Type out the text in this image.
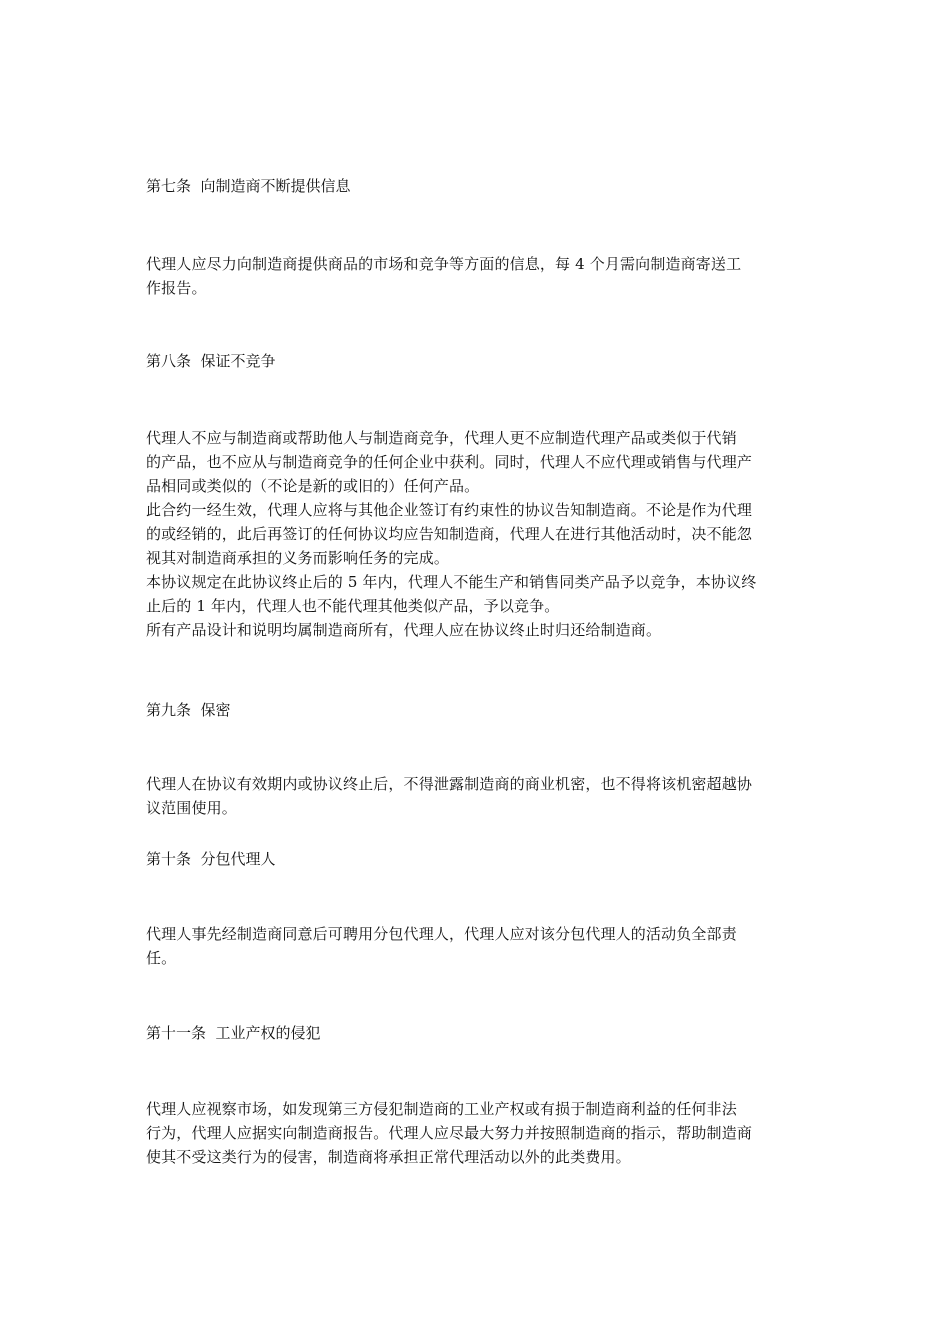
第七条  向制造商不断提供信息
代理人应尽力向制造商提供商品的市场和竞争等方面的信息，每 4 个月需向制造商寄送工
作报告。
第八条  保证不竞争
代理人不应与制造商或帮助他人与制造商竞争，代理人更不应制造代理产品或类似于代销
的产品，也不应从与制造商竞争的任何企业中获利。同时，代理人不应代理或销售与代理产
品相同或类似的（不论是新的或旧的）任何产品。
此合约一经生效，代理人应将与其他企业签订有约束性的协议告知制造商。不论是作为代理
的或经销的，此后再签订的任何协议均应告知制造商，代理人在进行其他活动时，决不能忽
视其对制造商承担的义务而影响任务的完成。
本协议规定在此协议终止后的 5 年内，代理人不能生产和销售同类产品予以竞争，本协议终
止后的 1 年内，代理人也不能代理其他类似产品，予以竞争。
所有产品设计和说明均属制造商所有，代理人应在协议终止时归还给制造商。
第九条  保密
代理人在协议有效期内或协议终止后，不得泄露制造商的商业机密，也不得将该机密超越协
议范围使用。
第十条  分包代理人
代理人事先经制造商同意后可聘用分包代理人，代理人应对该分包代理人的活动负全部责
任。
第十一条  工业产权的侵犯
代理人应视察市场，如发现第三方侵犯制造商的工业产权或有损于制造商利益的任何非法
行为，代理人应据实向制造商报告。代理人应尽最大努力并按照制造商的指示，帮助制造商
使其不受这类行为的侵害，制造商将承担正常代理活动以外的此类费用。
